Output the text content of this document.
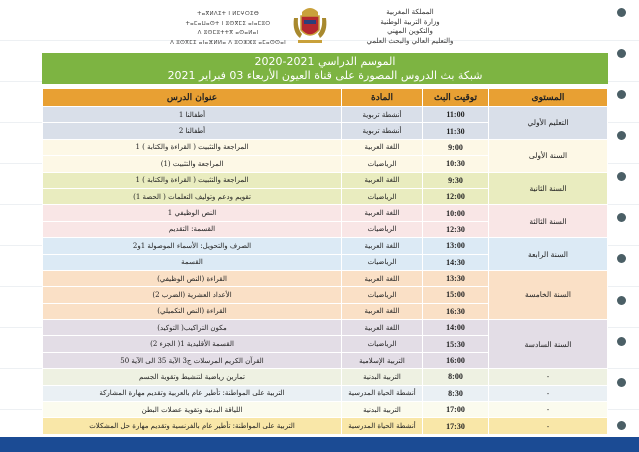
ⵜⴰⴳⵍⴷⵉⵜ ⵏ ⵍⵎⵖⵔⵉⴱ
ⵜⴰⵎⴰⵡⴰⵙⵜ ⵏ ⵓⵙⴳⵎⵉ ⴰⵏⴰⵎⵓⵔ
ⴷ ⵓⵙⵎⵓⵜⵜⴳ ⴰⵙⴰⵍⴰⵏ
ⴷ ⵓⵙⴳⵎⵉ ⴰⵏⴰⴼⵍⵍⴰ ⴷ ⵓⵔⵣⵣⵓ ⴰⵎⴰⵙⵙⴰⵏ
المملكة المغربية
وزارة التربية الوطنية
والتكوين المهني
والتعليم العالي والبحث العلمي
الموسم الدراسي 2021-2020
شبكة بث الدروس المصورة على قناة العيون الأربعاء 03 فبراير 2021
المستوى	توقيت البث	المادة	عنوان الدرس
التعليم الأولي	11:00	أنشطة تربوية	أطفالنا 1
	11:30	أنشطة تربوية	أطفالنا 2
السنة الأولى	9:00	اللغة العربية	المراجعة والتثبيت ( القراءة والكتابة ) 1
	10:30	الرياضيات	المراجعة والتثبيت (1)
السنة الثانية	9:30	اللغة العربية	المراجعة والتثبيت ( القراءة والكتابة ) 1
	12:00	الرياضيات	تقويم ودعم وتوليف التعلمات ( الحصة 1)
السنة الثالثة	10:00	اللغة العربية	النص الوظيفي 1
	12:30	الرياضيات	القسمة: التقديم
السنة الرابعة	13:00	اللغة العربية	الصرف والتحويل: الأسماء الموصولة 1و2
	14:30	الرياضيات	القسمة
السنة الخامسة	13:30	اللغة العربية	القراءة (النص الوظيفي)
	15:00	الرياضيات	الأعداد العشرية (الضرب 2)
	16:30	اللغة العربية	القراءة (النص التكميلي)
السنة السادسة	14:00	اللغة العربية	مكون التراكيب( التوكيد)
	15:30	الرياضيات	القسمة الأقليدية 1( الجزء 2)
	16:00	التربية الإسلامية	القرآن الكريم المرسلات ج3 الآية 35 الى الآية 50
-	8:00	التربية البدنية	تمارين رياضية لتنشيط وتقوية الجسم
-	8:30	أنشطة الحياة المدرسية	التربية على المواطنة: تأطير عام بالعربية وتقديم مهارة المشاركة
-	17:00	التربية البدنية	اللياقة البدنية وتقوية عضلات البطن
-	17:30	أنشطة الحياة المدرسية	التربية على المواطنة: تأطير عام بالفرنسية وتقديم مهارة حل المشكلات
